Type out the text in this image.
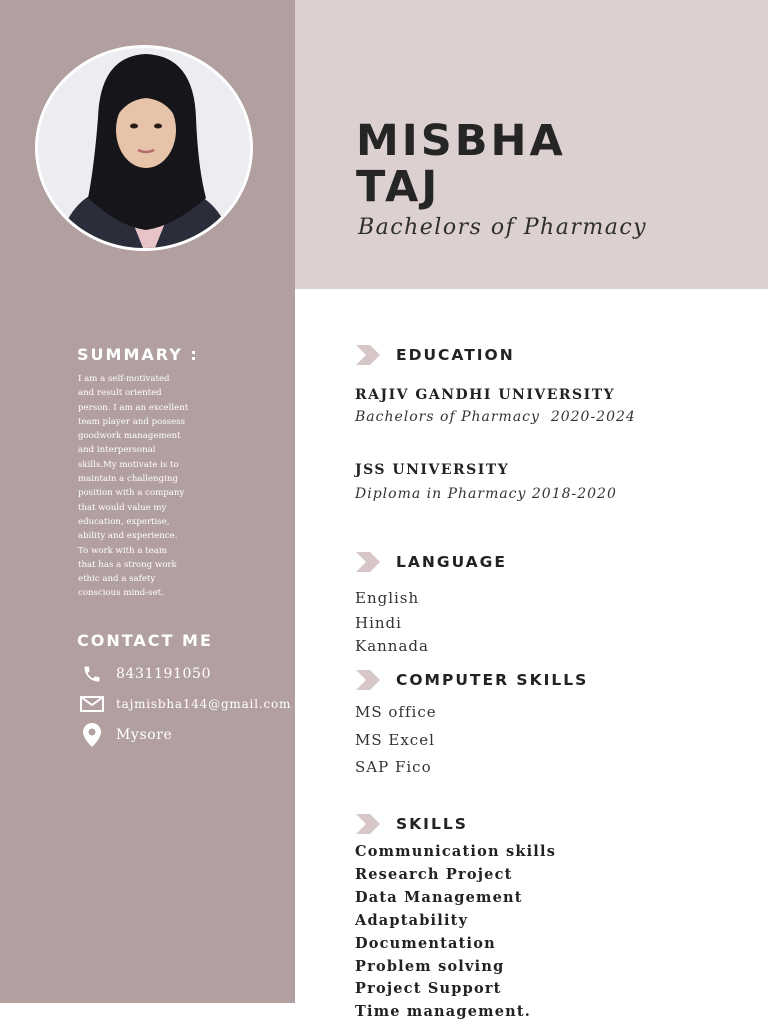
MISBHA
TAJ
Bachelors of Pharmacy
SUMMARY :
I am a self-motivated
and result oriented
person. I am an excellent
team player and possess
goodwork management
and interpersonal
skills.My motivate is to
maintain a challenging
position with a company
that would value my
education, expertise,
ability and experience.
To work with a team
that has a strong work
ethic and a safety
conscious mind-set.
CONTACT ME
8431191050
tajmisbha144@gmail.com
Mysore
EDUCATION
RAJIV GANDHI UNIVERSITY
Bachelors of Pharmacy  2020-2024
JSS UNIVERSITY
Diploma in Pharmacy 2018-2020
LANGUAGE
English
Hindi
Kannada
COMPUTER SKILLS
MS office
MS Excel
SAP Fico
SKILLS
Communication skills
Research Project
Data Management
Adaptability
Documentation
Problem solving
Project Support
Time management.
